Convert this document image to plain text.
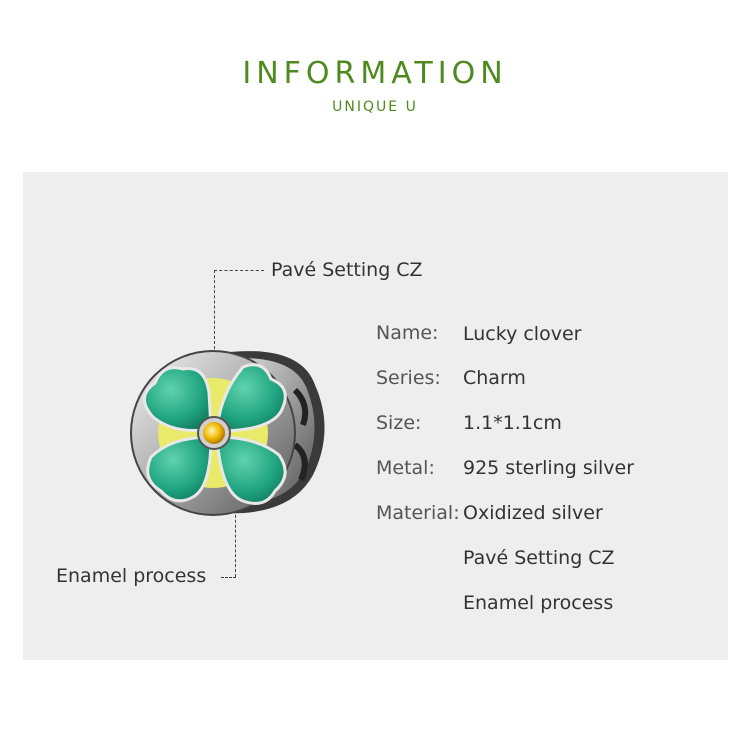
INFORMATION
UNIQUE U
Pavé Setting CZ
Enamel process
Name: Lucky clover
Series: Charm
Size: 1.1*1.1cm
Metal: 925 sterling silver
Material: Oxidized silver
Pavé Setting CZ
Enamel process
